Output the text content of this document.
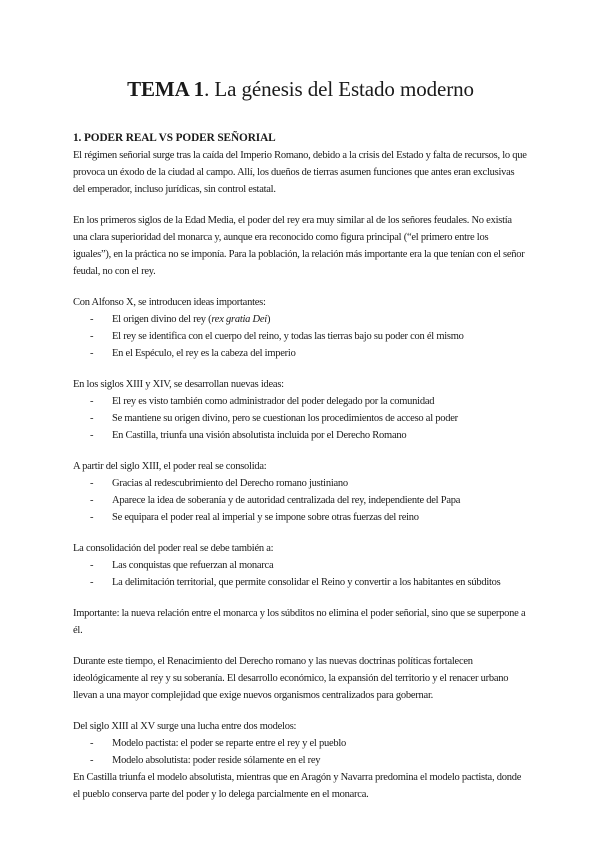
TEMA 1. La génesis del Estado moderno
1. PODER REAL VS PODER SEÑORIAL

El régimen señorial surge tras la caída del Imperio Romano, debido a la crisis del Estado y falta de recursos, lo que provoca un éxodo de la ciudad al campo. Allí, los dueños de tierras asumen funciones que antes eran exclusivas del emperador, incluso jurídicas, sin control estatal.

En los primeros siglos de la Edad Media, el poder del rey era muy similar al de los señores feudales. No existía una clara superioridad del monarca y, aunque era reconocido como figura principal (“el primero entre los iguales”), en la práctica no se imponía. Para la población, la relación más importante era la que tenían con el señor feudal, no con el rey.

Con Alfonso X, se introducen ideas importantes:

- El origen divino del rey (rex gratia Dei)
- El rey se identifica con el cuerpo del reino, y todas las tierras bajo su poder con él mismo
- En el Espéculo, el rey es la cabeza del imperio

En los siglos XIII y XIV, se desarrollan nuevas ideas:

- El rey es visto también como administrador del poder delegado por la comunidad
- Se mantiene su origen divino, pero se cuestionan los procedimientos de acceso al poder
- En Castilla, triunfa una visión absolutista incluida por el Derecho Romano

A partir del siglo XIII, el poder real se consolida:

- Gracias al redescubrimiento del Derecho romano justiniano
- Aparece la idea de soberanía y de autoridad centralizada del rey, independiente del Papa
- Se equipara el poder real al imperial y se impone sobre otras fuerzas del reino

La consolidación del poder real se debe también a:

- Las conquistas que refuerzan al monarca
- La delimitación territorial, que permite consolidar el Reino y convertir a los habitantes en súbditos

Importante: la nueva relación entre el monarca y los súbditos no elimina el poder señorial, sino que se superpone a él.

Durante este tiempo, el Renacimiento del Derecho romano y las nuevas doctrinas políticas fortalecen ideológicamente al rey y su soberanía. El desarrollo económico, la expansión del territorio y el renacer urbano llevan a una mayor complejidad que exige nuevos organismos centralizados para gobernar.

Del siglo XIII al XV surge una lucha entre dos modelos:

- Modelo pactista: el poder se reparte entre el rey y el pueblo
- Modelo absolutista: poder reside sólamente en el rey

En Castilla triunfa el modelo absolutista, mientras que en Aragón y Navarra predomina el modelo pactista, donde el pueblo conserva parte del poder y lo delega parcialmente en el monarca.
